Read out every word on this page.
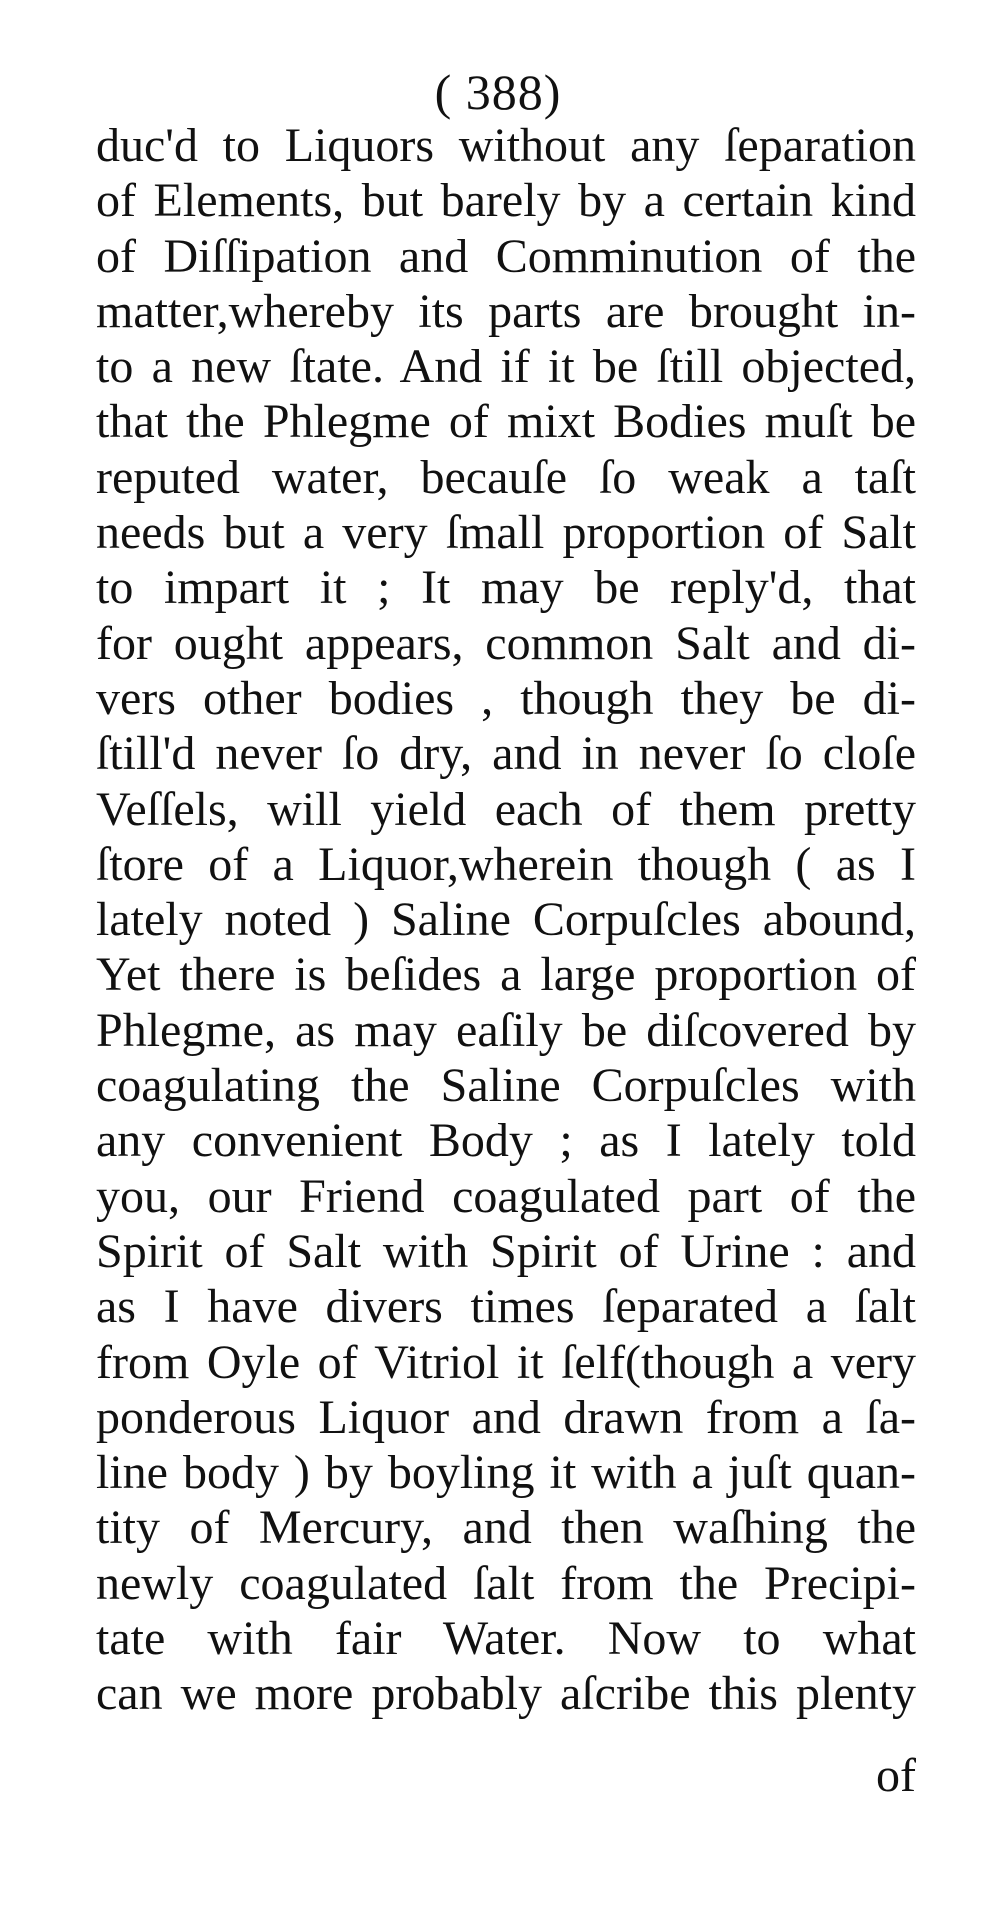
( 388)
duc'd to Liquors without any ſeparation
of Elements, but barely by a certain kind
of Diſſipation and Comminution of the
matter,whereby its parts are brought in-
to a new ſtate. And if it be ſtill objected,
that the Phlegme of mixt Bodies muſt be
reputed water, becauſe ſo weak a taſt
needs but a very ſmall proportion of Salt
to impart it ; It may be reply'd, that
for ought appears, common Salt and di-
vers other bodies , though they be di-
ſtill'd never ſo dry, and in never ſo cloſe
Veſſels, will yield each of them pretty
ſtore of a Liquor,wherein though ( as I
lately noted ) Saline Corpuſcles abound,
Yet there is beſides a large proportion of
Phlegme, as may eaſily be diſcovered by
coagulating the Saline Corpuſcles with
any convenient Body ; as I lately told
you, our Friend coagulated part of the
Spirit of Salt with Spirit of Urine : and
as I have divers times ſeparated a ſalt
from Oyle of Vitriol it ſelf(though a very
ponderous Liquor and drawn from a ſa-
line body ) by boyling it with a juſt quan-
tity of Mercury, and then waſhing the
newly coagulated ſalt from the Precipi-
tate with fair Water. Now to what
can we more probably aſcribe this plenty
of
